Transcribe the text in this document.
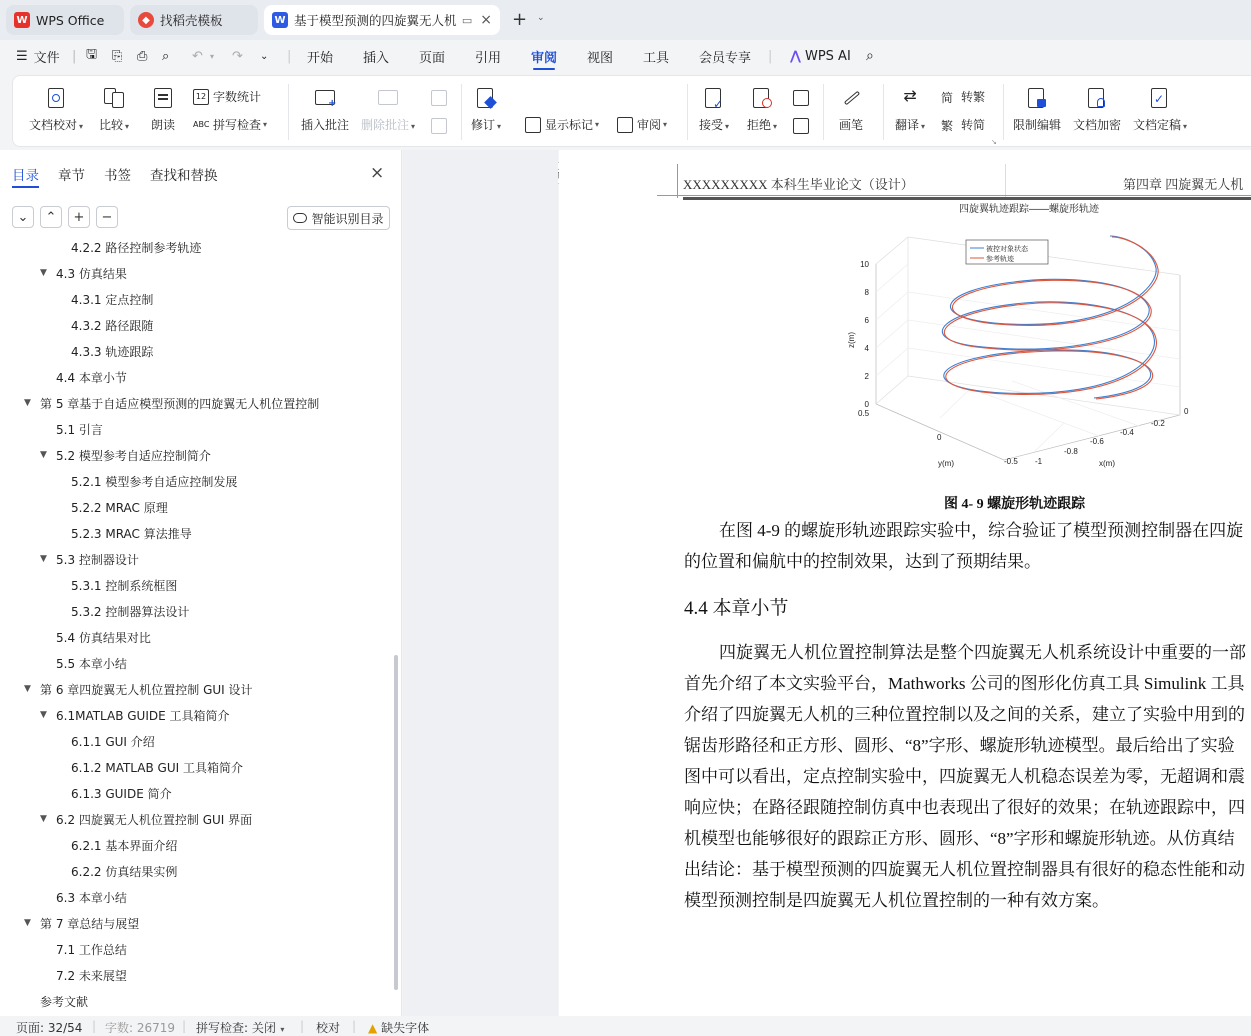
W WPS Office	◆ 找稻壳模板	W 基于模型预测的四旋翼无人机 ▭ × + ⌄
☰ 文件 | 🖫 ⎘ ⎙ ⌕ ↶ ▾ ↷ ⌄ | 开始 插入 页面 引用 审阅 视图 工具 会员专享 | ⋀ WPS AI ⌕
文档校对 ▾ 比较 ▾ 朗读
12 字数统计
ABC 拼写检查 ▾
+
插入批注 删除批注 ▾	修订 ▾	显示标记 ▾	审阅 ▾
✓
接受 ▾ 拒绝 ▾	画笔
⇄
翻译 ▾
简 转繁
繁 转简
↘
限制编辑 文档加密
✓
文档定稿 ▾
目录 章节 书签 查找和替换	×
⌄ ⌃ + −	智能识别目录
4.2.2 路径控制参考轨迹
▼ 4.3 仿真结果
4.3.1 定点控制
4.3.2 路径跟随
4.3.3 轨迹跟踪
4.4 本章小节
▼ 第 5 章基于自适应模型预测的四旋翼无人机位置控制
5.1 引言
▼ 5.2 模型参考自适应控制简介
5.2.1 模型参考自适应控制发展
5.2.2 MRAC 原理
5.2.3 MRAC 算法推导
▼ 5.3 控制器设计
5.3.1 控制系统框图
5.3.2 控制器算法设计
5.4 仿真结果对比
5.5 本章小结
▼ 第 6 章四旋翼无人机位置控制 GUI 设计
▼ 6.1MATLAB GUIDE 工具箱简介
6.1.1 GUI 介绍
6.1.2 MATLAB GUI 工具箱简介
6.1.3 GUIDE 简介
▼ 6.2 四旋翼无人机位置控制 GUI 界面
6.2.1 基本界面介绍
6.2.2 仿真结果实例
6.3 本章小结
▼ 第 7 章总结与展望
7.1 工作总结
7.2 未来展望
参考文献
XXXXXXXXX 本科生毕业论文（设计）	第四章 四旋翼无人机
四旋翼轨迹跟踪——螺旋形轨迹
被控对象状态
参考轨迹
0
2
4
6
8
10
z(m)
0.5
0
-0.5
y(m)	-1
-0.8
-0.6
-0.4
-0.2
0
x(m)
图 4- 9 螺旋形轨迹跟踪
在图 4-9 的螺旋形轨迹跟踪实验中，综合验证了模型预测控制器在四旋
的位置和偏航中的控制效果，达到了预期结果。
4.4 本章小节
四旋翼无人机位置控制算法是整个四旋翼无人机系统设计中重要的一部
首先介绍了本文实验平台，Mathworks 公司的图形化仿真工具 Simulink 工具
介绍了四旋翼无人机的三种位置控制以及之间的关系，建立了实验中用到的
锯齿形路径和正方形、圆形、“8”字形、螺旋形轨迹模型。最后给出了实验
图中可以看出，定点控制实验中，四旋翼无人机稳态误差为零，无超调和震
响应快；在路径跟随控制仿真中也表现出了很好的效果；在轨迹跟踪中，四
机模型也能够很好的跟踪正方形、圆形、“8”字形和螺旋形轨迹。从仿真结
出结论：基于模型预测的四旋翼无人机位置控制器具有很好的稳态性能和动
模型预测控制是四旋翼无人机位置控制的一种有效方案。
页面: 32/54 | 字数: 26719 | 拼写检查: 关闭 ▾ | 校对 | ▲ 缺失字体
